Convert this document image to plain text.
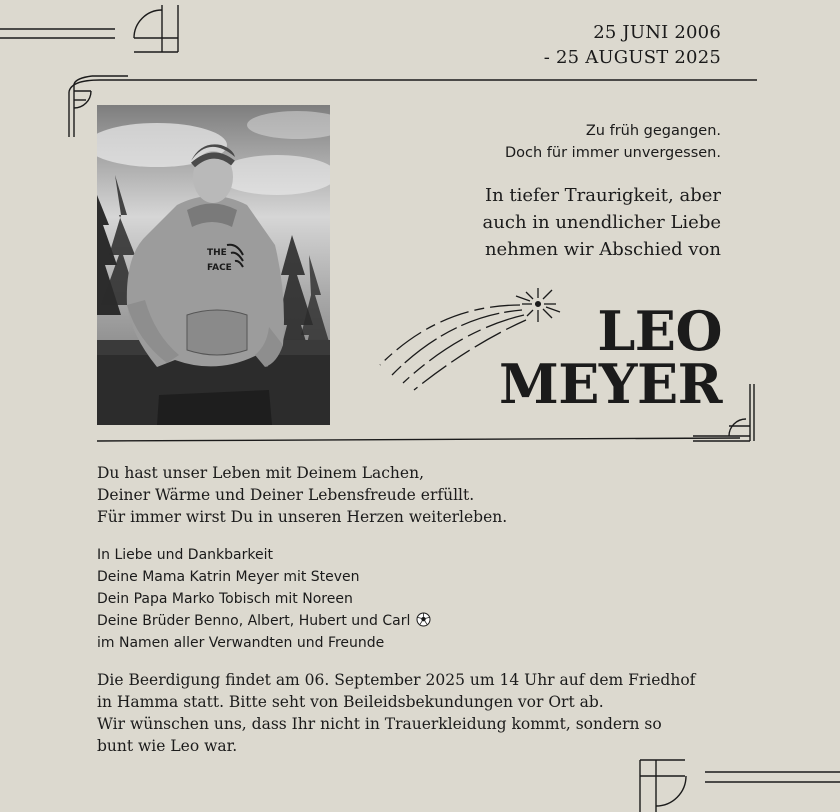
25 JUNI 2006
- 25 AUGUST 2025
THE
FACE
Zu früh gegangen.
Doch für immer unvergessen.
In tiefer Traurigkeit, aber
auch in unendlicher Liebe
nehmen wir Abschied von
LEO
MEYER
Du hast unser Leben mit Deinem Lachen,
Deiner Wärme und Deiner Lebensfreude erfüllt.
Für immer wirst Du in unseren Herzen weiterleben.
In Liebe und Dankbarkeit
Deine Mama Katrin Meyer mit Steven
Dein Papa Marko Tobisch mit Noreen
Deine Brüder Benno, Albert, Hubert und Carl
im Namen aller Verwandten und Freunde
Die Beerdigung findet am 06. September 2025 um 14 Uhr auf dem Friedhof
in Hamma statt. Bitte seht von Beileidsbekundungen vor Ort ab.
Wir wünschen uns, dass Ihr nicht in Trauerkleidung kommt, sondern so
bunt wie Leo war.
